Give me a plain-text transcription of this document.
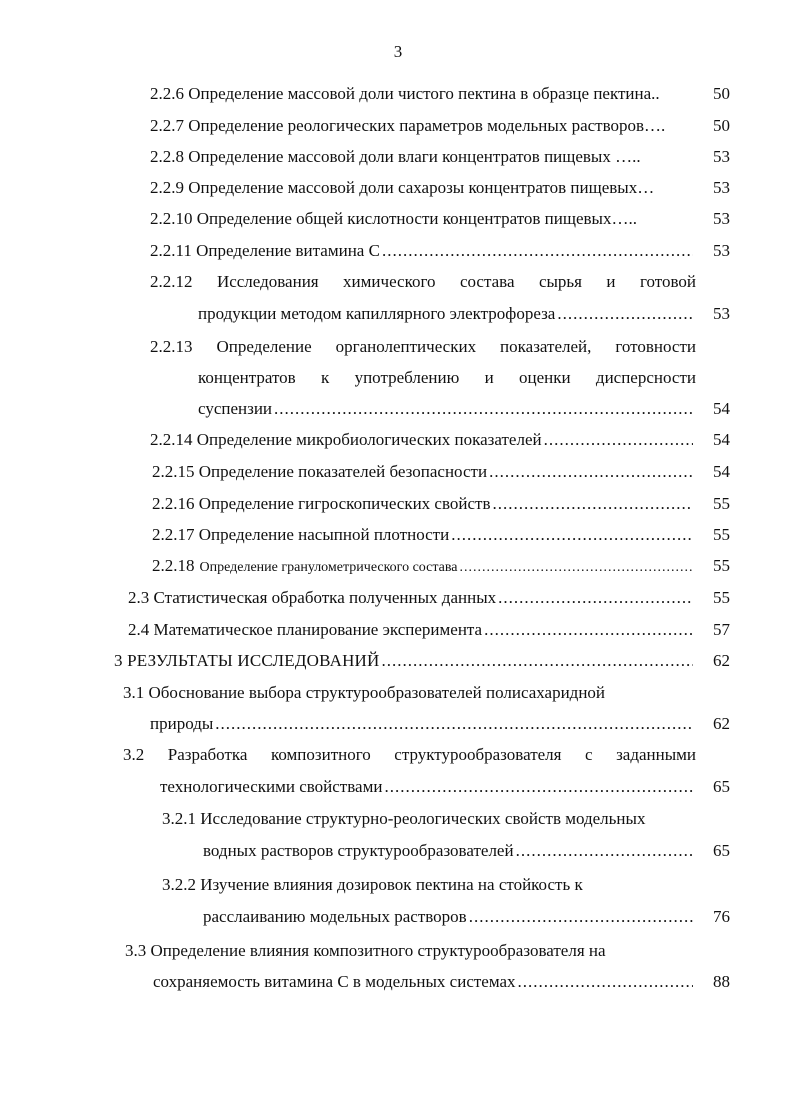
3
2.2.6 Определение массовой доли чистого пектина в образце пектина..	50
2.2.7 Определение реологических параметров модельных растворов….	50
2.2.8 Определение массовой доли влаги концентратов пищевых …..	53
2.2.9 Определение массовой доли сахарозы концентратов пищевых…	53
2.2.10 Определение общей кислотности концентратов пищевых…..	53
2.2.11 Определение витамина С .....	53
2.2.12 Исследования химического состава сырья и готовой
продукции методом капиллярного электрофореза .....	53
2.2.13 Определение органолептических показателей, готовности
концентратов к употреблению и оценки дисперсности
суспензии .....	54
2.2.14 Определение микробиологических показателей .....	54
2.2.15 Определение показателей безопасности .....	54
2.2.16 Определение гигроскопических свойств .....	55
2.2.17 Определение насыпной плотности .....	55
2.2.18 Определение гранулометрического состава .....	55
2.3 Статистическая обработка полученных данных .....	55
2.4 Математическое планирование эксперимента .....	57
3 РЕЗУЛЬТАТЫ ИССЛЕДОВАНИЙ .....	62
3.1 Обоснование выбора структурообразователей полисахаридной
природы .....	62
3.2 Разработка композитного структурообразователя с заданными
технологическими свойствами .....	65
3.2.1 Исследование структурно-реологических свойств модельных
водных растворов структурообразователей .....	65
3.2.2 Изучение влияния дозировок пектина на стойкость к
расслаиванию модельных растворов .....	76
3.3 Определение влияния композитного структурообразователя на
сохраняемость витамина С в модельных системах .....	88
